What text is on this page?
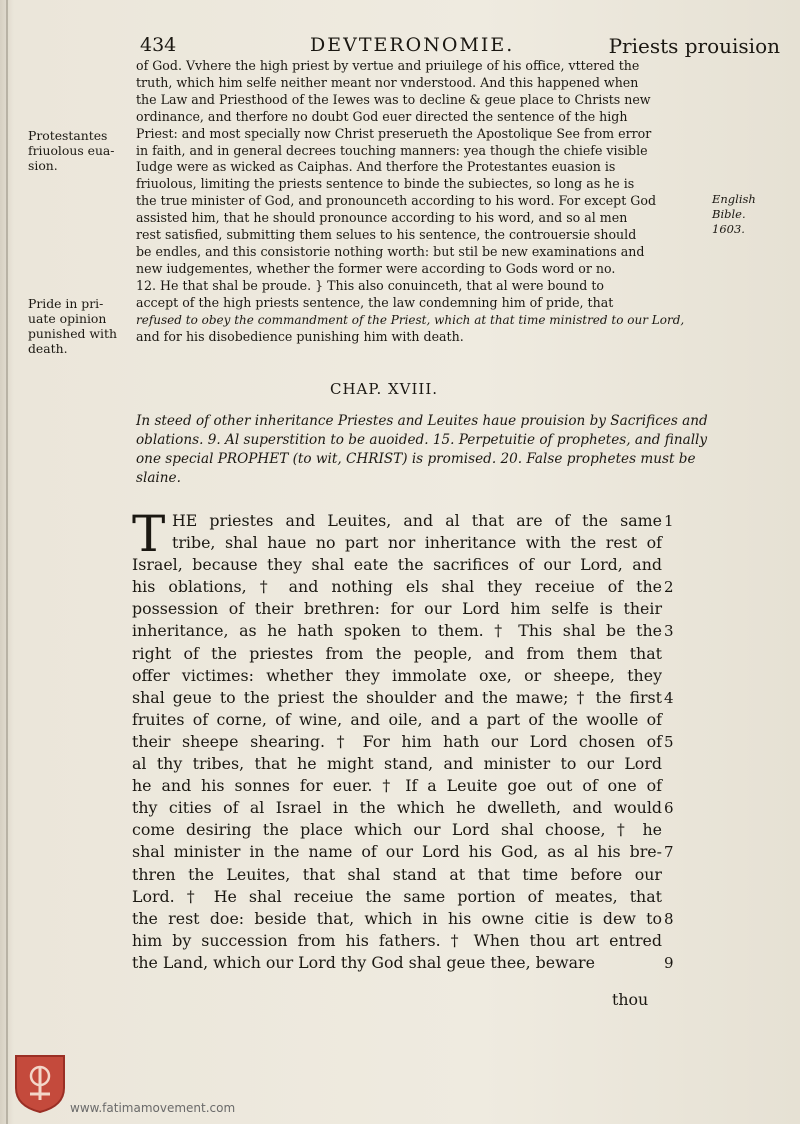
434	DEVTERONOMIE.	Priests prouision

of God. Vvhere the high priest by vertue and priuilege of his office, vttered the

truth, which him selfe neither meant nor vnderstood. And this happened when

the Law and Priesthood of the Iewes was to decline & geue place to Christs new

ordinance, and therfore no doubt God euer directed the sentence of the high

Priest: and most specially now Christ preserueth the Apostolique See from error

in faith, and in general decrees touching manners: yea though the chiefe visible

Iudge were as wicked as Caiphas. And therfore the Protestantes euasion is

friuolous, limiting the priests sentence to binde the subiectes, so long as he is

the true minister of God, and pronounceth according to his word. For except God

assisted him, that he should pronounce according to his word, and so al men

rest satisfied, submitting them selues to his sentence, the controuersie should

be endles, and this consistorie nothing worth: but stil be new examinations and

new iudgementes, whether the former were according to Gods word or no.

12. He that shal be proude. } This also conuinceth, that al were bound to

accept of the high priests sentence, the law condemning him of pride, that

refused to obey the commandment of the Priest, which at that time ministred to our Lord,

and for his disobedience punishing him with death.

Protestantes
friuolous eua-
sion.
Pride in pri-
uate opinion
punished with
death.
English
Bible.
1603.
CHAP. XVIII.
In steed of other inheritance Priestes and Leuites haue prouision by Sacrifices and oblations. 9. Al superstition to be auoided. 15. Perpetuitie of prophetes, and finally one special PROPHET (to wit, CHRIST) is promised. 20. False prophetes must be slaine.
T HE priestes and Leuites, and al that are of the same
tribe, shal haue no part nor inheritance with the rest of
Israel, because they shal eate the sacrifices of our Lord, and
his oblations, † and nothing els shal they receiue of the
possession of their brethren: for our Lord him selfe is their
inheritance, as he hath spoken to them. † This shal be the
right of the priestes from the people, and from them that
offer victimes: whether they immolate oxe, or sheepe, they
shal geue to the priest the shoulder and the mawe; † the first
fruites of corne, of wine, and oile, and a part of the woolle of
their sheepe shearing. † For him hath our Lord chosen of
al thy tribes, that he might stand, and minister to our Lord
he and his sonnes for euer. † If a Leuite goe out of one of
thy cities of al Israel in the which he dwelleth, and would
come desiring the place which our Lord shal choose, † he
shal minister in the name of our Lord his God, as al his bre-
thren the Leuites, that shal stand at that time before our
Lord. † He shal receiue the same portion of meates, that
the rest doe: beside that, which in his owne citie is dew to
him by succession from his fathers. † When thou art entred
the Land, which our Lord thy God shal geue thee, beware
1
2
3
4
5
6
7
8
9
thou
www.fatimamovement.com
